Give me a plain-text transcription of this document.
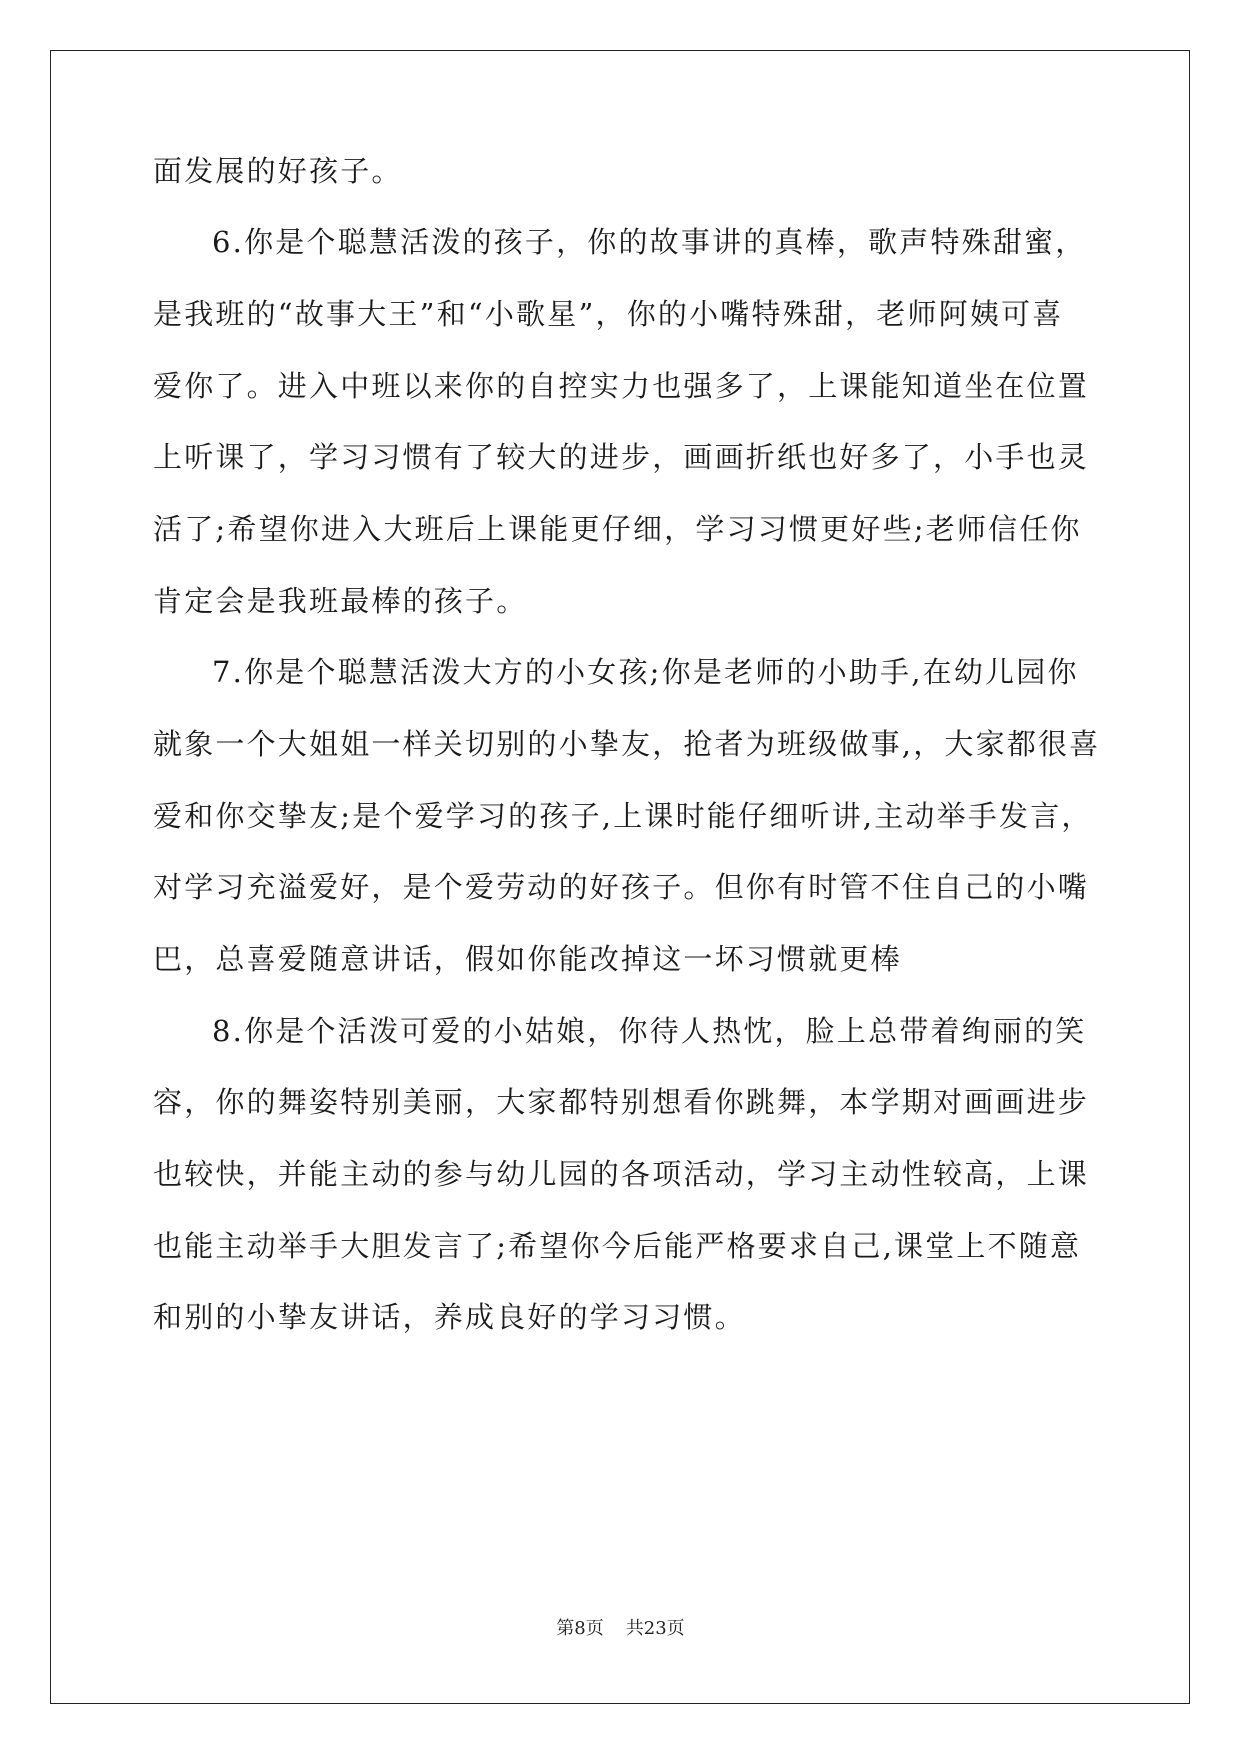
面发展的好孩子。
6.你是个聪慧活泼的孩子，你的故事讲的真棒，歌声特殊甜蜜，
是我班的“故事大王”和“小歌星”，你的小嘴特殊甜，老师阿姨可喜
爱你了。进入中班以来你的自控实力也强多了，上课能知道坐在位置
上听课了，学习习惯有了较大的进步，画画折纸也好多了，小手也灵
活了;希望你进入大班后上课能更仔细，学习习惯更好些;老师信任你
肯定会是我班最棒的孩子。
7.你是个聪慧活泼大方的小女孩;你是老师的小助手,在幼儿园你
就象一个大姐姐一样关切别的小挚友，抢者为班级做事,，大家都很喜
爱和你交挚友;是个爱学习的孩子,上课时能仔细听讲,主动举手发言，
对学习充溢爱好，是个爱劳动的好孩子。但你有时管不住自己的小嘴
巴，总喜爱随意讲话，假如你能改掉这一坏习惯就更棒
8.你是个活泼可爱的小姑娘，你待人热忱，脸上总带着绚丽的笑
容，你的舞姿特别美丽，大家都特别想看你跳舞，本学期对画画进步
也较快，并能主动的参与幼儿园的各项活动，学习主动性较高，上课
也能主动举手大胆发言了;希望你今后能严格要求自己,课堂上不随意
和别的小挚友讲话，养成良好的学习习惯。
第8页 共23页
